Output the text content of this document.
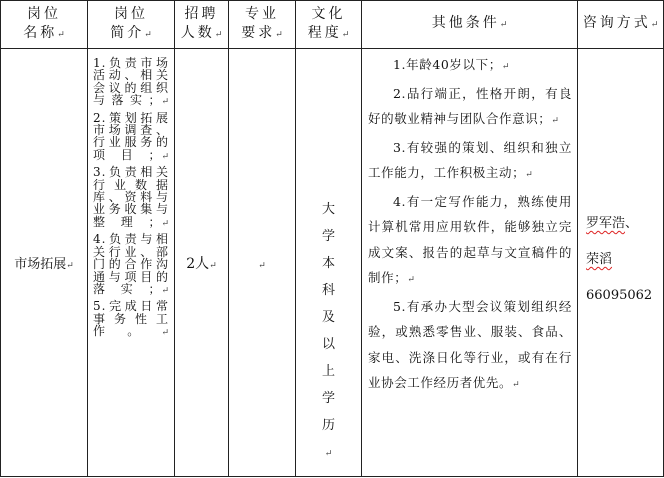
岗位
名称↵
岗位
简介↵
招聘
人数↵
专业
要求↵
文化
程度↵
其他条件↵	咨询方式↵
市场拓展↵
1.负责市场活动、相关会议的组织与落实；↵
2.策划拓展市场调查、行业服务的项目；↵
3.负责相关行业数据库、资料与业务收集与整理；↵
4.负责与相关行业、部门的合作沟通与项目的落实；↵
5.完成日常事务性工作。↵
2人↵	↵
大学本科及以上学历↵

1.年龄40岁以下；↵

2.品行端正，性格开朗，有良好的敬业精神与团队合作意识；↵

3.有较强的策划、组织和独立工作能力，工作积极主动；↵

4.有一定写作能力，熟练使用计算机常用应用软件，能够独立完成文案、报告的起草与文宣稿件的制作；↵

5.有承办大型会议策划组织经验，或熟悉零售业、服装、食品、家电、洗涤日化等行业，或有在行业协会工作经历者优先。↵

罗军浩、
荣滔
66095062
